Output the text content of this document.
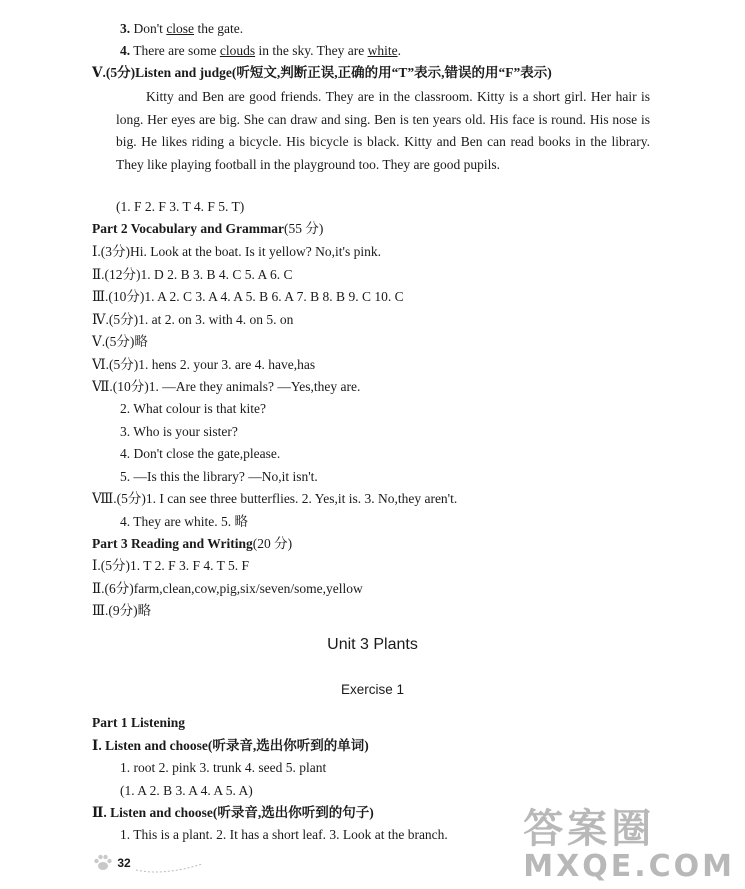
3. Don't close the gate.
4. There are some clouds in the sky. They are white.
Ⅴ.(5分)Listen and judge(听短文,判断正误,正确的用“T”表示,错误的用“F”表示)
Kitty and Ben are good friends. They are in the classroom. Kitty is a short girl. Her hair is long. Her eyes are big. She can draw and sing. Ben is ten years old. His face is round. His nose is big. He likes riding a bicycle. His bicycle is black. Kitty and Ben can read books in the library. They like playing football in the playground too. They are good pupils.
(1. F 2. F 3. T 4. F 5. T)
Part 2 Vocabulary and Grammar(55 分)
Ⅰ.(3分)Hi. Look at the boat. Is it yellow? No,it's pink.
Ⅱ.(12分)1. D 2. B 3. B 4. C 5. A 6. C
Ⅲ.(10分)1. A 2. C 3. A 4. A 5. B 6. A 7. B 8. B 9. C 10. C
Ⅳ.(5分)1. at 2. on 3. with 4. on 5. on
Ⅴ.(5分)略
Ⅵ.(5分)1. hens 2. your 3. are 4. have,has
Ⅶ.(10分)1. —Are they animals? —Yes,they are.
2. What colour is that kite?
3. Who is your sister?
4. Don't close the gate,please.
5. —Is this the library? —No,it isn't.
Ⅷ.(5分)1. I can see three butterflies. 2. Yes,it is. 3. No,they aren't.
4. They are white. 5. 略
Part 3 Reading and Writing(20 分)
Ⅰ.(5分)1. T 2. F 3. F 4. T 5. F
Ⅱ.(6分)farm,clean,cow,pig,six/seven/some,yellow
Ⅲ.(9分)略
Unit 3 Plants
Exercise 1
Part 1 Listening
Ⅰ. Listen and choose(听录音,选出你听到的单词)
1. root 2. pink 3. trunk 4. seed 5. plant
(1. A 2. B 3. A 4. A 5. A)
Ⅱ. Listen and choose(听录音,选出你听到的句子)
1. This is a plant. 2. It has a short leaf. 3. Look at the branch.
32
答案圈
MXQE.COM
